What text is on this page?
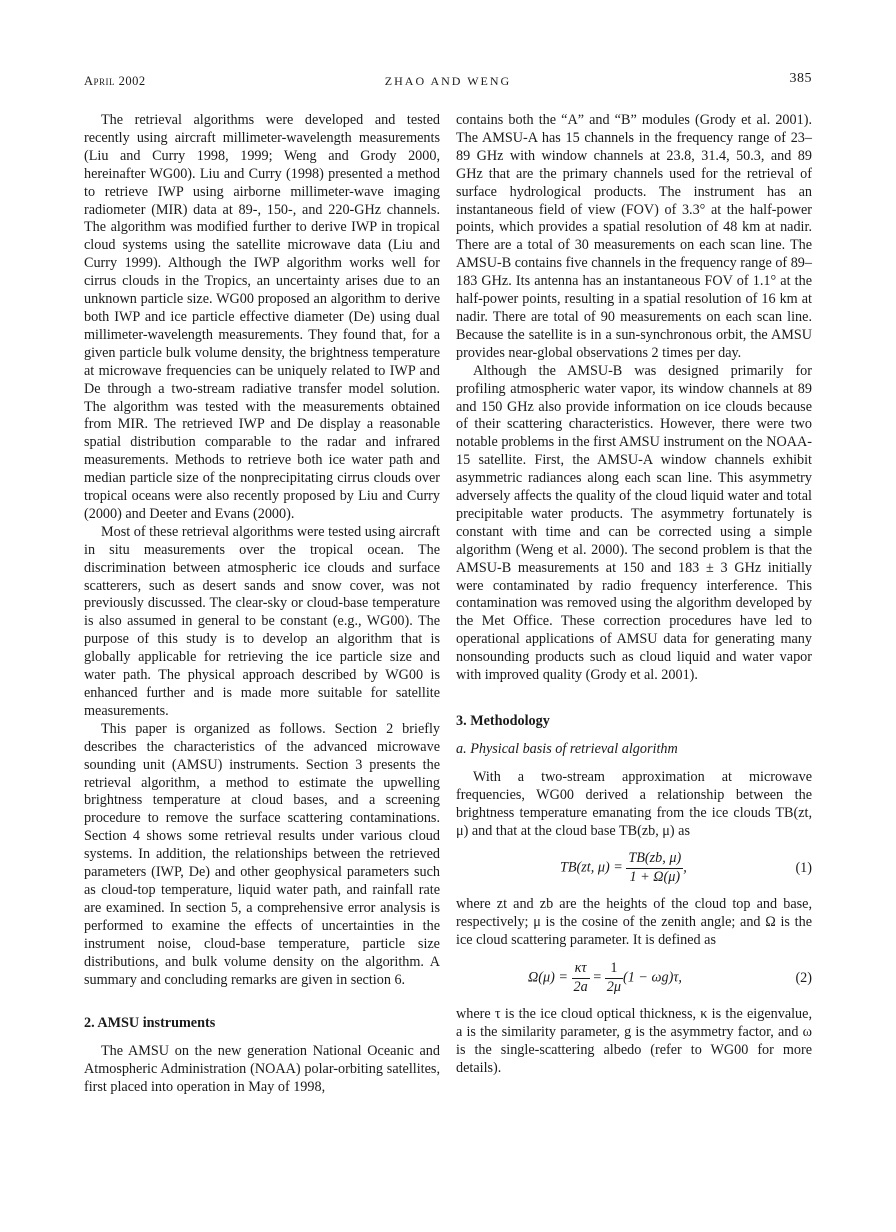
April 2002	ZHAO AND WENG	385

The retrieval algorithms were developed and tested recently using aircraft millimeter-wavelength measurements (Liu and Curry 1998, 1999; Weng and Grody 2000, hereinafter WG00). Liu and Curry (1998) presented a method to retrieve IWP using airborne millimeter-wave imaging radiometer (MIR) data at 89-, 150-, and 220-GHz channels. The algorithm was modified further to derive IWP in tropical cloud systems using the satellite microwave data (Liu and Curry 1999). Although the IWP algorithm works well for cirrus clouds in the Tropics, an uncertainty arises due to an unknown particle size. WG00 proposed an algorithm to derive both IWP and ice particle effective diameter (De) using dual millimeter-wavelength measurements. They found that, for a given particle bulk volume density, the brightness temperature at microwave frequencies can be uniquely related to IWP and De through a two-stream radiative transfer model solution. The algorithm was tested with the measurements obtained from MIR. The retrieved IWP and De display a reasonable spatial distribution comparable to the radar and infrared measurements. Methods to retrieve both ice water path and median particle size of the nonprecipitating cirrus clouds over tropical oceans were also recently proposed by Liu and Curry (2000) and Deeter and Evans (2000).

Most of these retrieval algorithms were tested using aircraft in situ measurements over the tropical ocean. The discrimination between atmospheric ice clouds and surface scatterers, such as desert sands and snow cover, was not previously discussed. The clear-sky or cloud-base temperature is also assumed in general to be constant (e.g., WG00). The purpose of this study is to develop an algorithm that is globally applicable for retrieving the ice particle size and water path. The physical approach described by WG00 is enhanced further and is made more suitable for satellite measurements.

This paper is organized as follows. Section 2 briefly describes the characteristics of the advanced microwave sounding unit (AMSU) instruments. Section 3 presents the retrieval algorithm, a method to estimate the upwelling brightness temperature at cloud bases, and a screening procedure to remove the surface scattering contaminations. Section 4 shows some retrieval results under various cloud systems. In addition, the relationships between the retrieved parameters (IWP, De) and other geophysical parameters such as cloud-top temperature, liquid water path, and rainfall rate are examined. In section 5, a comprehensive error analysis is performed to examine the effects of uncertainties in the instrument noise, cloud-base temperature, particle size distributions, and bulk volume density on the algorithm. A summary and concluding remarks are given in section 6.

2. AMSU instruments

The AMSU on the new generation National Oceanic and Atmospheric Administration (NOAA) polar-orbiting satellites, first placed into operation in May of 1998,

contains both the “A” and “B” modules (Grody et al. 2001). The AMSU-A has 15 channels in the frequency range of 23–89 GHz with window channels at 23.8, 31.4, 50.3, and 89 GHz that are the primary channels used for the retrieval of surface hydrological products. The instrument has an instantaneous field of view (FOV) of 3.3° at the half-power points, which provides a spatial resolution of 48 km at nadir. There are a total of 30 measurements on each scan line. The AMSU-B contains five channels in the frequency range of 89–183 GHz. Its antenna has an instantaneous FOV of 1.1° at the half-power points, resulting in a spatial resolution of 16 km at nadir. There are total of 90 measurements on each scan line. Because the satellite is in a sun-synchronous orbit, the AMSU provides near-global observations 2 times per day.

Although the AMSU-B was designed primarily for profiling atmospheric water vapor, its window channels at 89 and 150 GHz also provide information on ice clouds because of their scattering characteristics. However, there were two notable problems in the first AMSU instrument on the NOAA-15 satellite. First, the AMSU-A window channels exhibit asymmetric radiances along each scan line. This asymmetry adversely affects the quality of the cloud liquid water and total precipitable water products. The asymmetry fortunately is constant with time and can be corrected using a simple algorithm (Weng et al. 2000). The second problem is that the AMSU-B measurements at 150 and 183 ± 3 GHz initially were contaminated by radio frequency interference. This contamination was removed using the algorithm developed by the Met Office. These correction procedures have led to operational applications of AMSU data for generating many nonsounding products such as cloud liquid and water vapor with improved quality (Grody et al. 2001).

3. Methodology

a. Physical basis of retrieval algorithm

With a two-stream approximation at microwave frequencies, WG00 derived a relationship between the brightness temperature emanating from the ice clouds TB(zt, μ) and that at the cloud base TB(zb, μ) as

TB(zt, $\mu) = \frac{TB(zb, \mu)}{1 + \Omega(\mu)}$ ,	(1)

where zt and zb are the heights of the cloud top and base, respectively; μ is the cosine of the zenith angle; and Ω is the ice cloud scattering parameter. It is defined as

$\Omega(\mu) = \frac{\kappa\tau}{2a} = \frac{1}{2\mu} (1 - \omega g)\tau$,	(2)

where τ is the ice cloud optical thickness, κ is the eigenvalue, a is the similarity parameter, g is the asymmetry factor, and ω is the single-scattering albedo (refer to WG00 for more details).
